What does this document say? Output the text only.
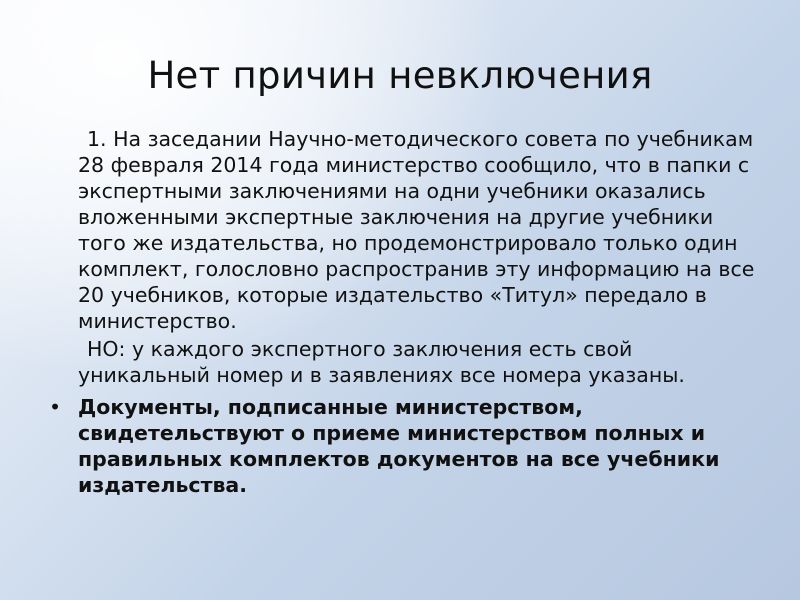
Нет причин невключения

1. На заседании Научно-методического совета по учебникам 28 февраля 2014 года министерство сообщило, что в папки с экспертными заключениями на одни учебники оказались вложенными экспертные заключения на другие учебники того же издательства, но продемонстрировало только один комплект, голословно распространив эту информацию на все 20 учебников, которые издательство «Титул» передало в министерство.

НО: у каждого экспертного заключения есть свой уникальный номер и в заявлениях все номера указаны.

• Документы, подписанные министерством, свидетельствуют о приеме министерством полных и правильных комплектов документов на все учебники издательства.
